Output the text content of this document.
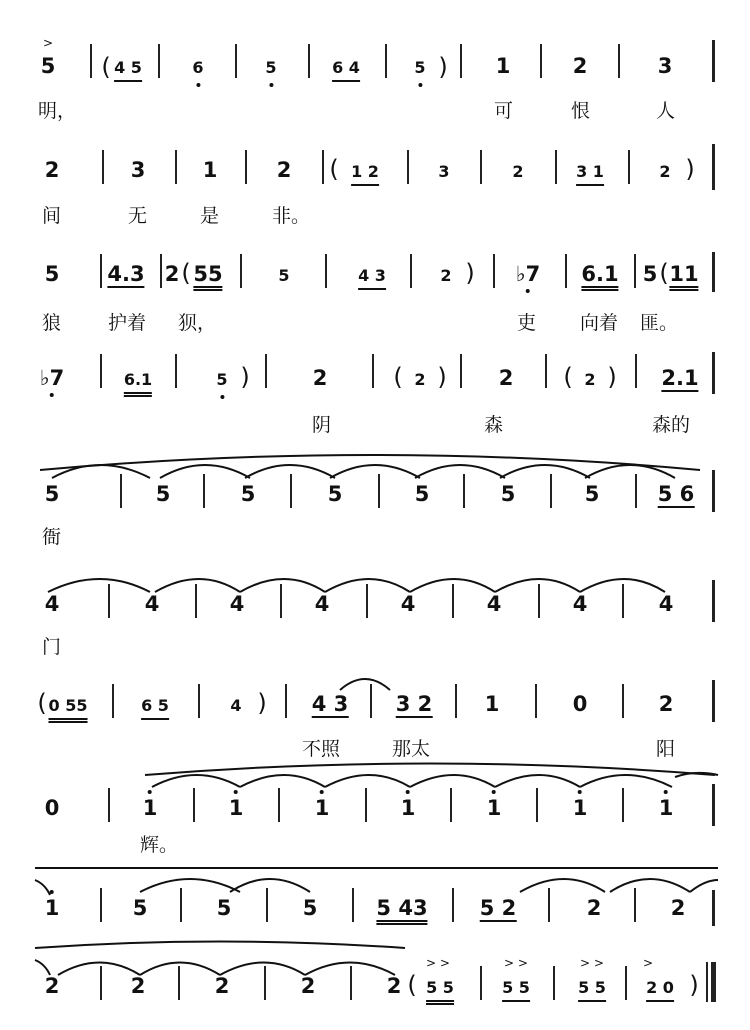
>
5 ( 4 5	6	5	6 4	5 ) 1	2	3
明，	可	恨	人
2	3	1	2 ( 1 2	3	2	3 1	2 )
间	无	是	非。
5 4.3 2 ( 55	5	4 3	2 ) ♭7 6.1 5 ( 11
狼 护着 狈，	吏 向着 匪。
♭7	6.1	5 )	2	( 2 ) 2 ( 2 ) 2.1
阴	森	森的
5	5	5	5	5	5	5	5 6
衙
4	4	4	4	4	4	4	4
门
( 0 55	6 5	4 ) 4 3 3 2 1	0	2
不照	那太	阳
0	1	1	1	1	1	1	1
辉。
1	5	5	5	5 43 5 2	2	2
2	2	2	2	2 (
> >
5 5
> >
5 5
> >
5 5
>
2 0 )
